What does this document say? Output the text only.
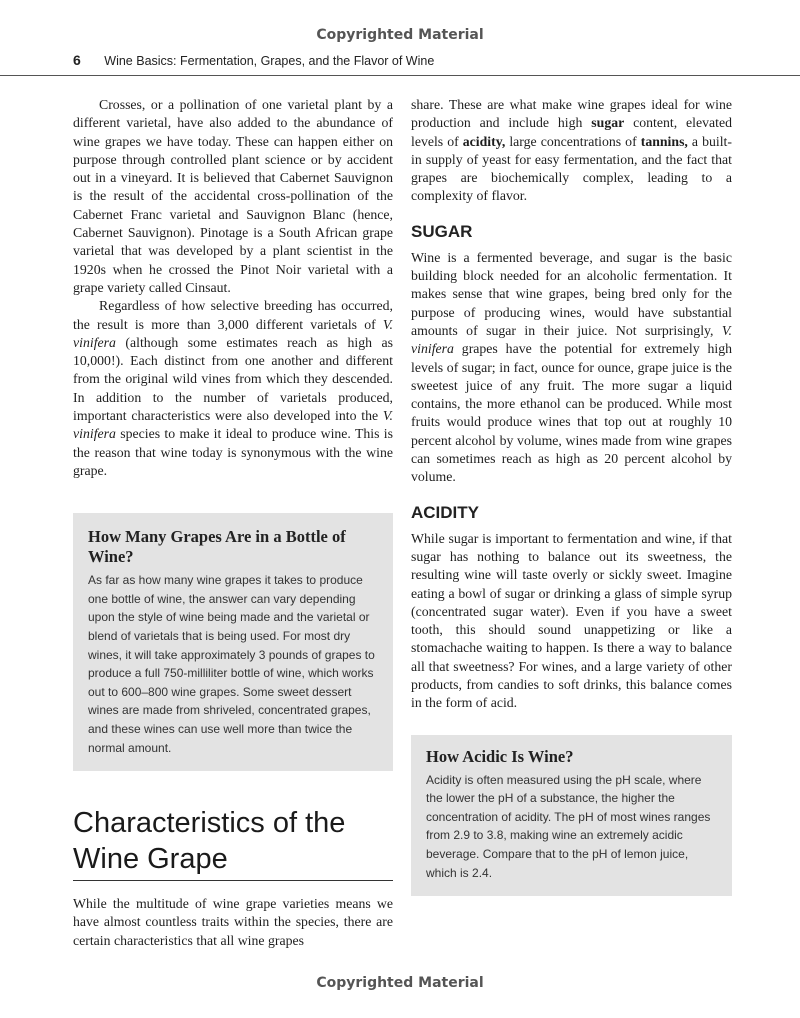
Copyrighted Material
6 Wine Basics: Fermentation, Grapes, and the Flavor of Wine

Crosses, or a pollination of one varietal plant by a different varietal, have also added to the abundance of wine grapes we have today. These can happen either on purpose through controlled plant science or by accident out in a vineyard. It is believed that Cabernet Sauvignon is the result of the accidental cross-pollination of the Cabernet Franc varietal and Sauvignon Blanc (hence, Cabernet Sauvignon). Pinotage is a South African grape varietal that was developed by a plant scientist in the 1920s when he crossed the Pinot Noir varietal with a grape variety called Cinsaut.

Regardless of how selective breeding has occurred, the result is more than 3,000 different varietals of V. vinifera (although some estimates reach as high as 10,000!). Each distinct from one another and different from the original wild vines from which they descended. In addition to the number of varietals produced, important characteristics were also developed into the V. vinifera species to make it ideal to produce wine. This is the reason that wine today is synonymous with the wine grape.

How Many Grapes Are in a Bottle of Wine?

As far as how many wine grapes it takes to produce one bottle of wine, the answer can vary depending upon the style of wine being made and the varietal or blend of varietals that is being used. For most dry wines, it will take approximately 3 pounds of grapes to produce a full 750-milliliter bottle of wine, which works out to 600–800 wine grapes. Some sweet dessert wines are made from shriveled, concentrated grapes, and these wines can use well more than twice the normal amount.

Characteristics of the Wine Grape

While the multitude of wine grape varieties means we have almost countless traits within the species, there are certain characteristics that all wine grapes

share. These are what make wine grapes ideal for wine production and include high sugar content, elevated levels of acidity, large concentrations of tannins, a built-in supply of yeast for easy fermentation, and the fact that grapes are biochemically complex, leading to a complexity of flavor.

SUGAR

Wine is a fermented beverage, and sugar is the basic building block needed for an alcoholic fermentation. It makes sense that wine grapes, being bred only for the purpose of producing wines, would have substantial amounts of sugar in their juice. Not surprisingly, V. vinifera grapes have the potential for extremely high levels of sugar; in fact, ounce for ounce, grape juice is the sweetest juice of any fruit. The more sugar a liquid contains, the more ethanol can be produced. While most fruits would produce wines that top out at roughly 10 percent alcohol by volume, wines made from wine grapes can sometimes reach as high as 20 percent alcohol by volume.

ACIDITY

While sugar is important to fermentation and wine, if that sugar has nothing to balance out its sweetness, the resulting wine will taste overly or sickly sweet. Imagine eating a bowl of sugar or drinking a glass of simple syrup (concentrated sugar water). Even if you have a sweet tooth, this should sound unappetizing or like a stomachache waiting to happen. Is there a way to balance all that sweetness? For wines, and a large variety of other products, from candies to soft drinks, this balance comes in the form of acid.

How Acidic Is Wine?

Acidity is often measured using the pH scale, where the lower the pH of a substance, the higher the concentration of acidity. The pH of most wines ranges from 2.9 to 3.8, making wine an extremely acidic beverage. Compare that to the pH of lemon juice, which is 2.4.

Copyrighted Material
